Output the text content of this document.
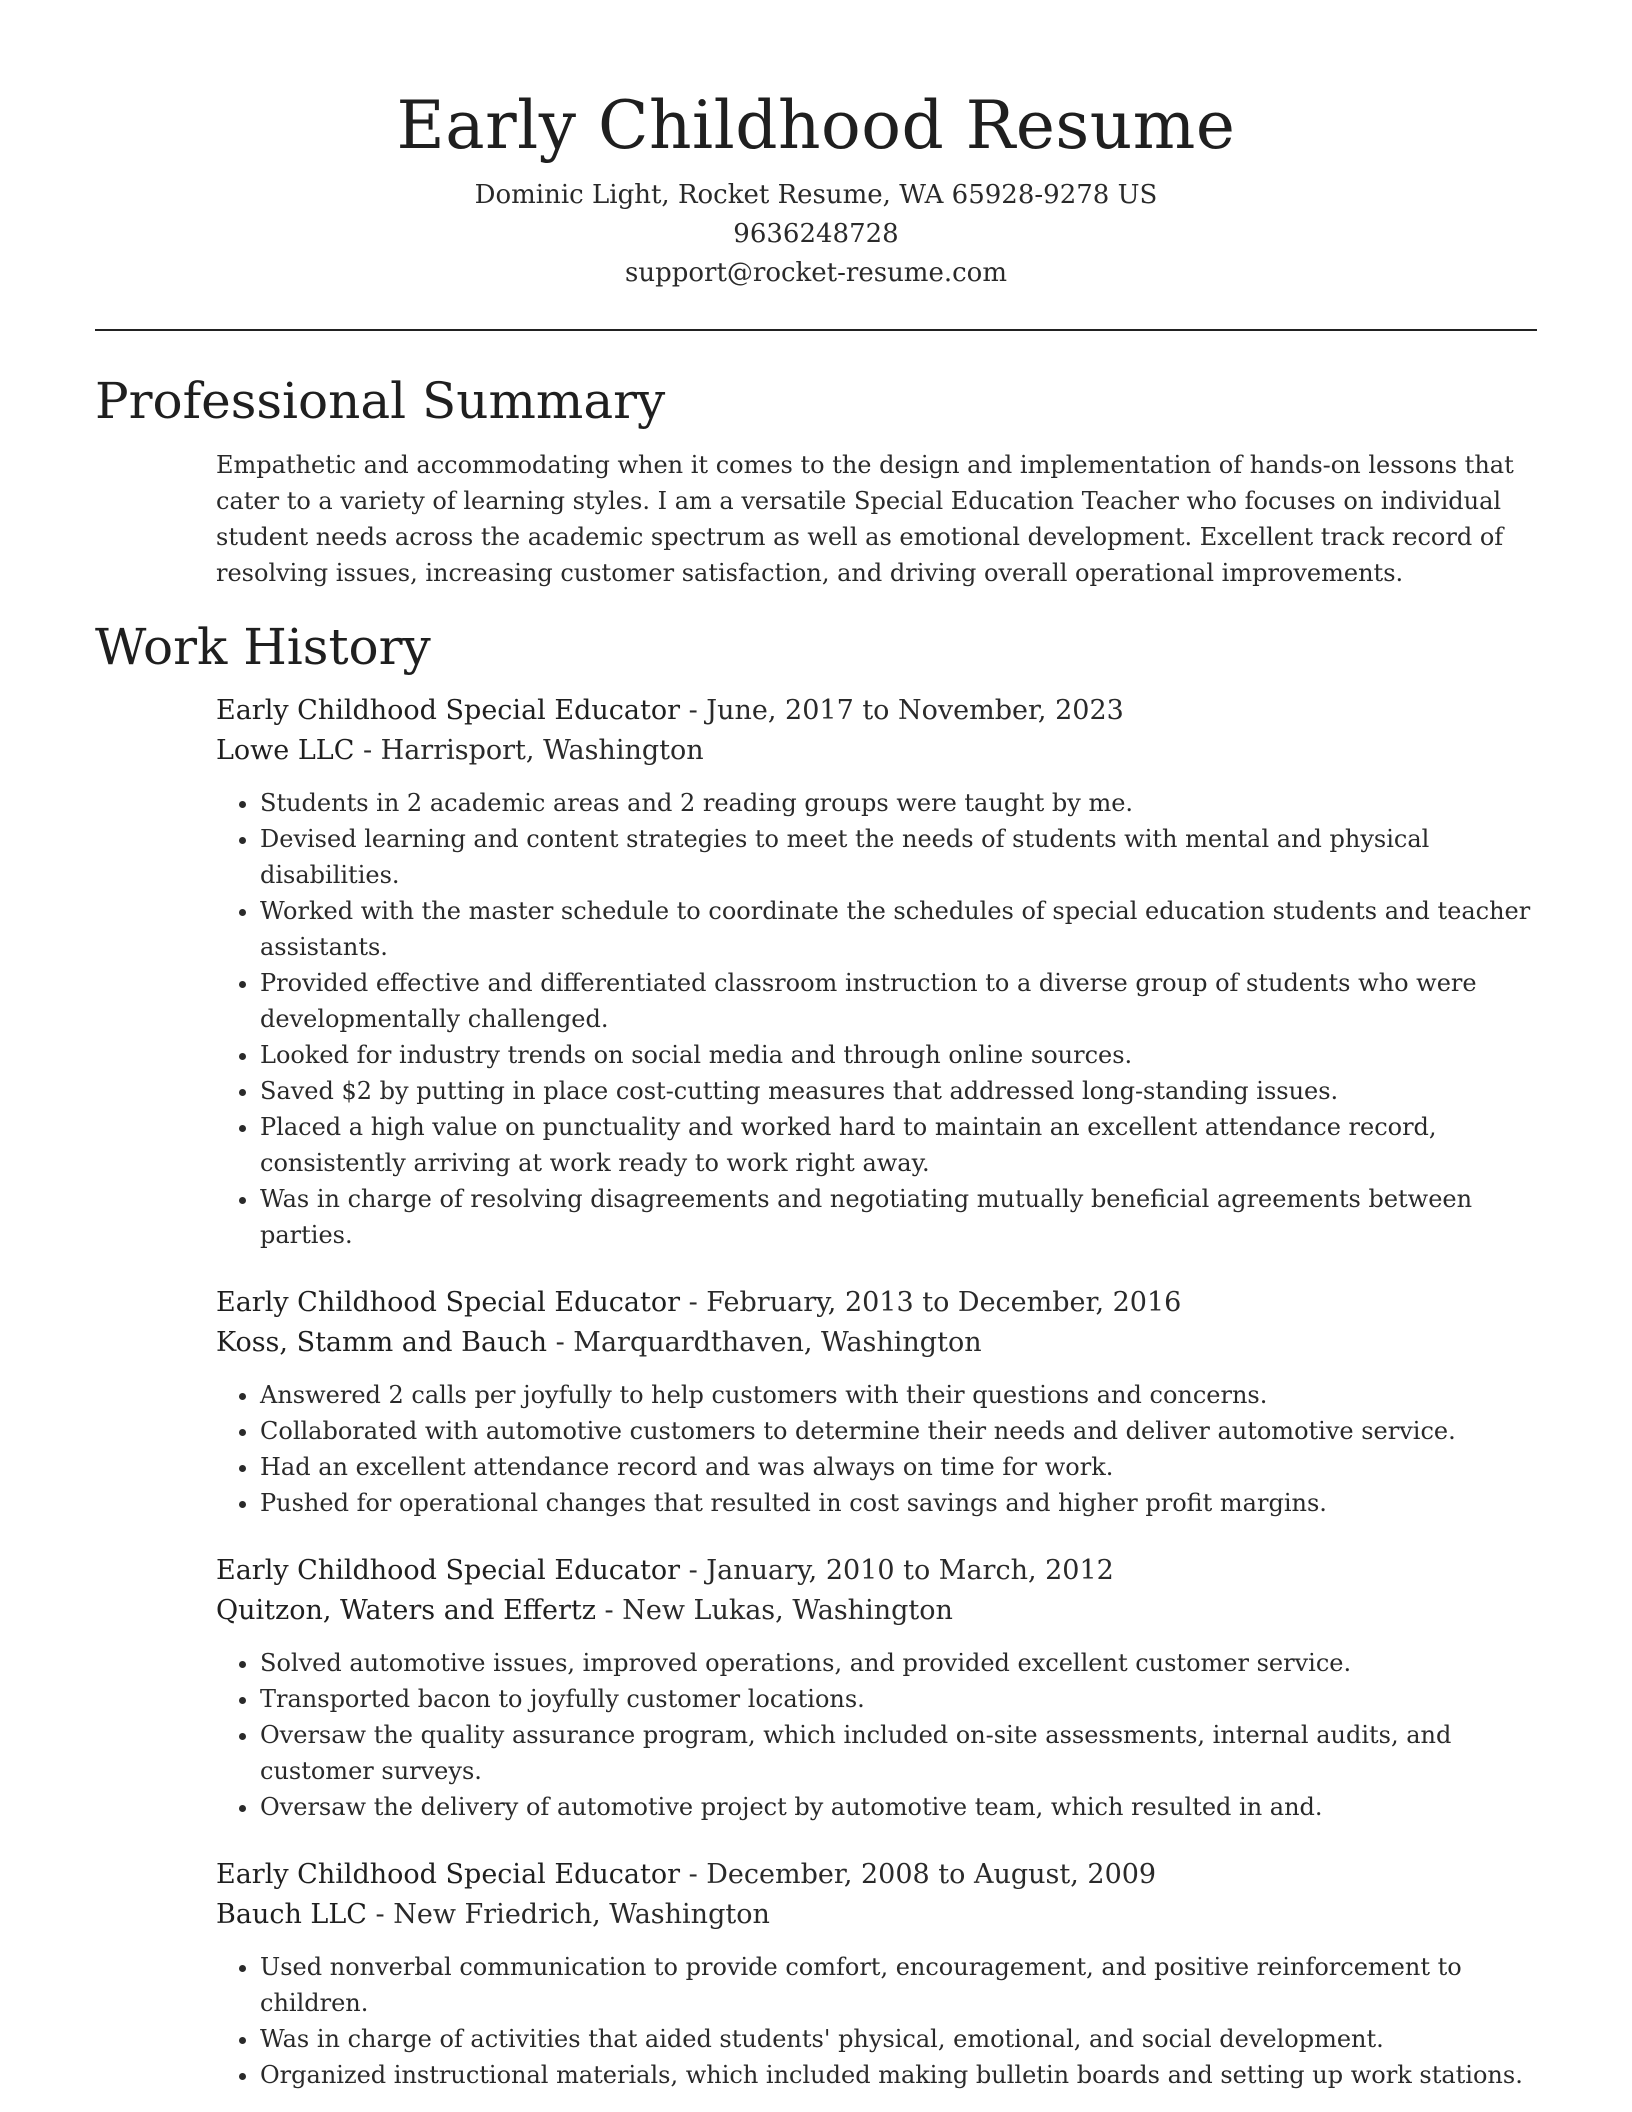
Early Childhood Resume

Dominic Light, Rocket Resume, WA 65928-9278 US

9636248728

support@rocket-resume.com

Professional Summary

Empathetic and accommodating when it comes to the design and implementation of hands-on lessons that cater to a variety of learning styles. I am a versatile Special Education Teacher who focuses on individual student needs across the academic spectrum as well as emotional development. Excellent track record of resolving issues, increasing customer satisfaction, and driving overall operational improvements.

Work History

Early Childhood Special Educator - June, 2017 to November, 2023

Lowe LLC - Harrisport, Washington

• Students in 2 academic areas and 2 reading groups were taught by me.
• Devised learning and content strategies to meet the needs of students with mental and physical disabilities.
• Worked with the master schedule to coordinate the schedules of special education students and teacher assistants.
• Provided effective and differentiated classroom instruction to a diverse group of students who were developmentally challenged.
• Looked for industry trends on social media and through online sources.
• Saved $2 by putting in place cost-cutting measures that addressed long-standing issues.
• Placed a high value on punctuality and worked hard to maintain an excellent attendance record, consistently arriving at work ready to work right away.
• Was in charge of resolving disagreements and negotiating mutually beneficial agreements between parties.

Early Childhood Special Educator - February, 2013 to December, 2016

Koss, Stamm and Bauch - Marquardthaven, Washington

• Answered 2 calls per joyfully to help customers with their questions and concerns.
• Collaborated with automotive customers to determine their needs and deliver automotive service.
• Had an excellent attendance record and was always on time for work.
• Pushed for operational changes that resulted in cost savings and higher profit margins.

Early Childhood Special Educator - January, 2010 to March, 2012

Quitzon, Waters and Effertz - New Lukas, Washington

• Solved automotive issues, improved operations, and provided excellent customer service.
• Transported bacon to joyfully customer locations.
• Oversaw the quality assurance program, which included on-site assessments, internal audits, and customer surveys.
• Oversaw the delivery of automotive project by automotive team, which resulted in and.

Early Childhood Special Educator - December, 2008 to August, 2009

Bauch LLC - New Friedrich, Washington

• Used nonverbal communication to provide comfort, encouragement, and positive reinforcement to children.
• Was in charge of activities that aided students' physical, emotional, and social development.
• Organized instructional materials, which included making bulletin boards and setting up work stations.
